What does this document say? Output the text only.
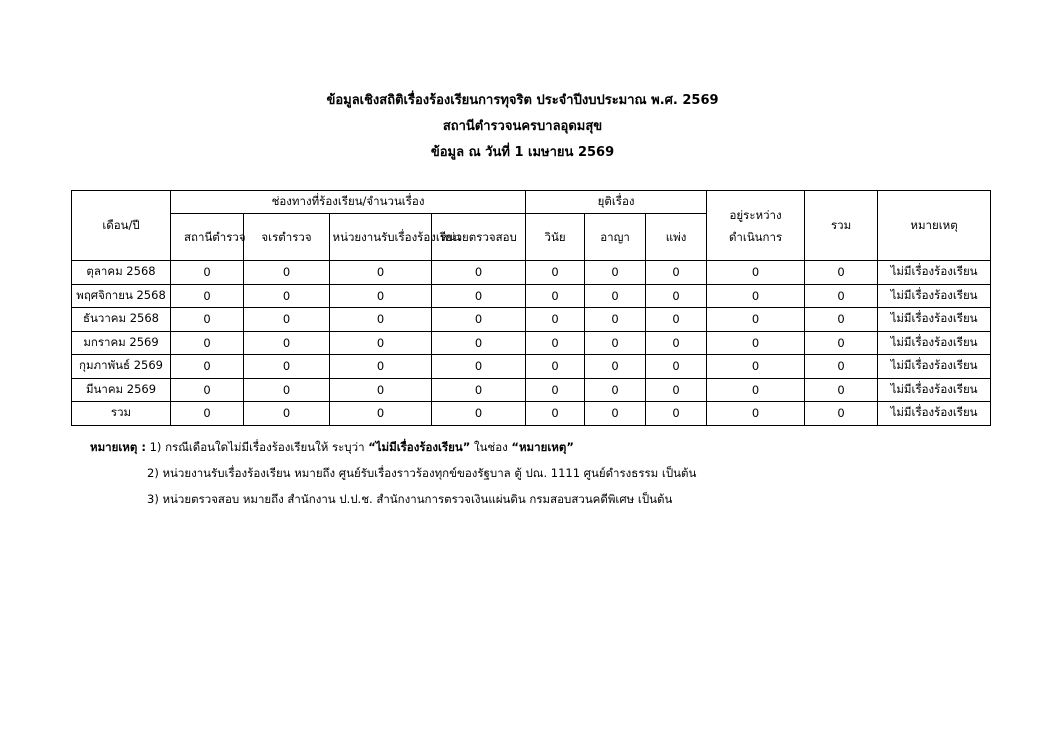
ข้อมูลเชิงสถิติเรื่องร้องเรียนการทุจริต ประจำปีงบประมาณ พ.ศ. 2569
สถานีตำรวจนครบาลอุดมสุข
ข้อมูล ณ วันที่ 1 เมษายน 2569
เดือน/ปี	ช่องทางที่ร้องเรียน/จำนวนเรื่อง				ยุติเรื่อง			อยู่ระหว่างดำเนินการ	รวม	หมายเหตุ

	สถานีตำรวจ	จเรตำรวจ	หน่วยงานรับเรื่องร้องเรียน	หน่วยตรวจสอบ	วินัย	อาญา	แพ่ง			
ตุลาคม 2568	0	0	0	0	0	0	0	0	0	ไม่มีเรื่องร้องเรียน
พฤศจิกายน 2568	0	0	0	0	0	0	0	0	0	ไม่มีเรื่องร้องเรียน
ธันวาคม 2568	0	0	0	0	0	0	0	0	0	ไม่มีเรื่องร้องเรียน
มกราคม 2569	0	0	0	0	0	0	0	0	0	ไม่มีเรื่องร้องเรียน
กุมภาพันธ์ 2569	0	0	0	0	0	0	0	0	0	ไม่มีเรื่องร้องเรียน
มีนาคม 2569	0	0	0	0	0	0	0	0	0	ไม่มีเรื่องร้องเรียน
รวม	0	0	0	0	0	0	0	0	0	ไม่มีเรื่องร้องเรียน
หมายเหตุ : 1) กรณีเดือนใดไม่มีเรื่องร้องเรียนให้ ระบุว่า “ไม่มีเรื่องร้องเรียน” ในช่อง “หมายเหตุ”
2) หน่วยงานรับเรื่องร้องเรียน หมายถึง ศูนย์รับเรื่องราวร้องทุกข์ของรัฐบาล ตู้ ปณ. 1111 ศูนย์ดำรงธรรม เป็นต้น
3) หน่วยตรวจสอบ หมายถึง สำนักงาน ป.ป.ช. สำนักงานการตรวจเงินแผ่นดิน กรมสอบสวนคดีพิเศษ เป็นต้น
